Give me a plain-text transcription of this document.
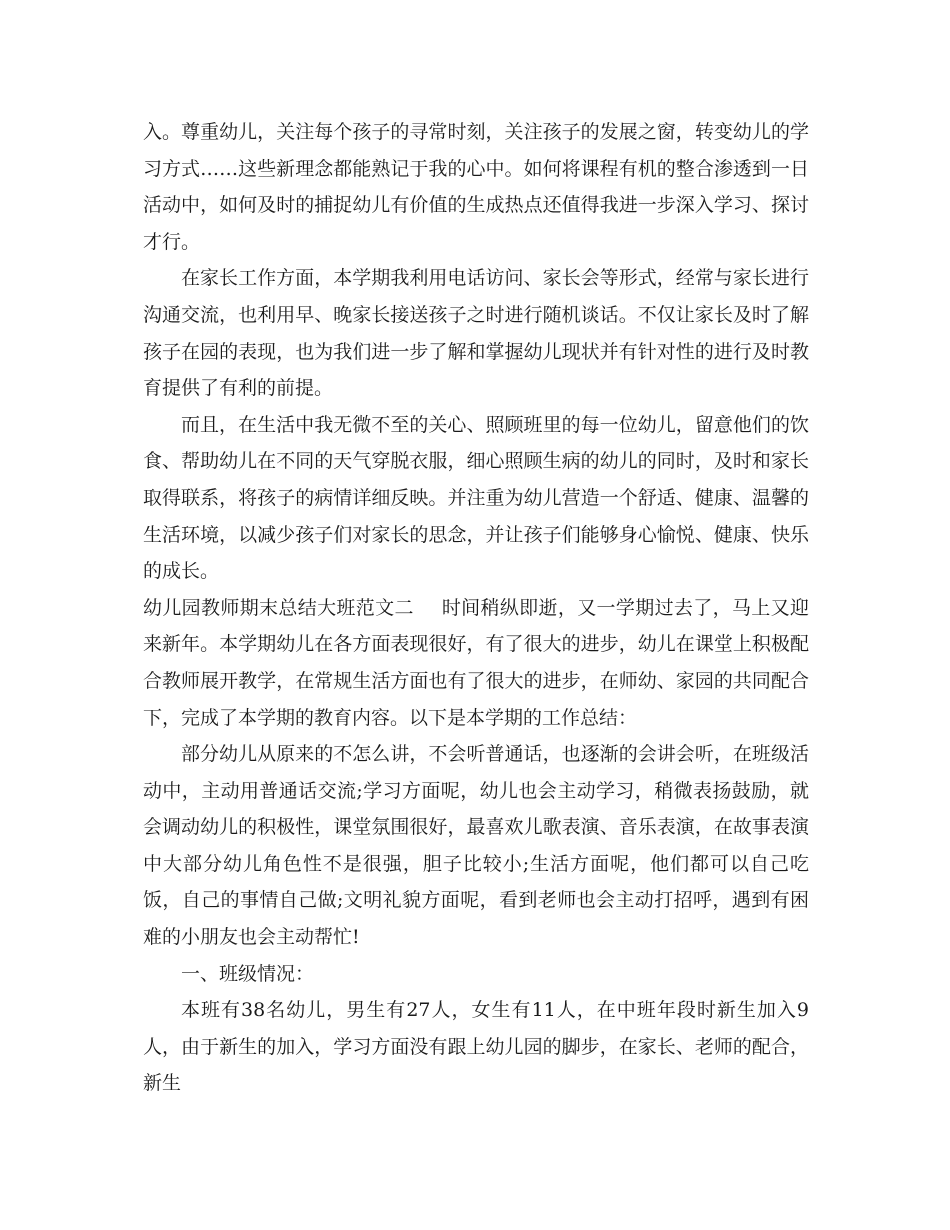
入。尊重幼儿，关注每个孩子的寻常时刻，关注孩子的发展之窗，转变幼儿的学习方式……这些新理念都能熟记于我的心中。如何将课程有机的整合渗透到一日活动中，如何及时的捕捉幼儿有价值的生成热点还值得我进一步深入学习、探讨才行。

在家长工作方面，本学期我利用电话访问、家长会等形式，经常与家长进行沟通交流，也利用早、晚家长接送孩子之时进行随机谈话。不仅让家长及时了解孩子在园的表现，也为我们进一步了解和掌握幼儿现状并有针对性的进行及时教育提供了有利的前提。

而且，在生活中我无微不至的关心、照顾班里的每一位幼儿，留意他们的饮食、帮助幼儿在不同的天气穿脱衣服，细心照顾生病的幼儿的同时，及时和家长取得联系，将孩子的病情详细反映。并注重为幼儿营造一个舒适、健康、温馨的生活环境，以减少孩子们对家长的思念，并让孩子们能够身心愉悦、健康、快乐的成长。

幼儿园教师期末总结大班范文二 时间稍纵即逝，又一学期过去了，马上又迎来新年。本学期幼儿在各方面表现很好，有了很大的进步，幼儿在课堂上积极配合教师展开教学，在常规生活方面也有了很大的进步，在师幼、家园的共同配合下，完成了本学期的教育内容。以下是本学期的工作总结：

部分幼儿从原来的不怎么讲，不会听普通话，也逐渐的会讲会听，在班级活动中，主动用普通话交流;学习方面呢，幼儿也会主动学习，稍微表扬鼓励，就会调动幼儿的积极性，课堂氛围很好，最喜欢儿歌表演、音乐表演，在故事表演中大部分幼儿角色性不是很强，胆子比较小;生活方面呢，他们都可以自己吃饭，自己的事情自己做;文明礼貌方面呢，看到老师也会主动打招呼，遇到有困难的小朋友也会主动帮忙!

一、班级情况：

本班有38名幼儿，男生有27人，女生有11人，在中班年段时新生加入9人，由于新生的加入，学习方面没有跟上幼儿园的脚步，在家长、老师的配合，新生
